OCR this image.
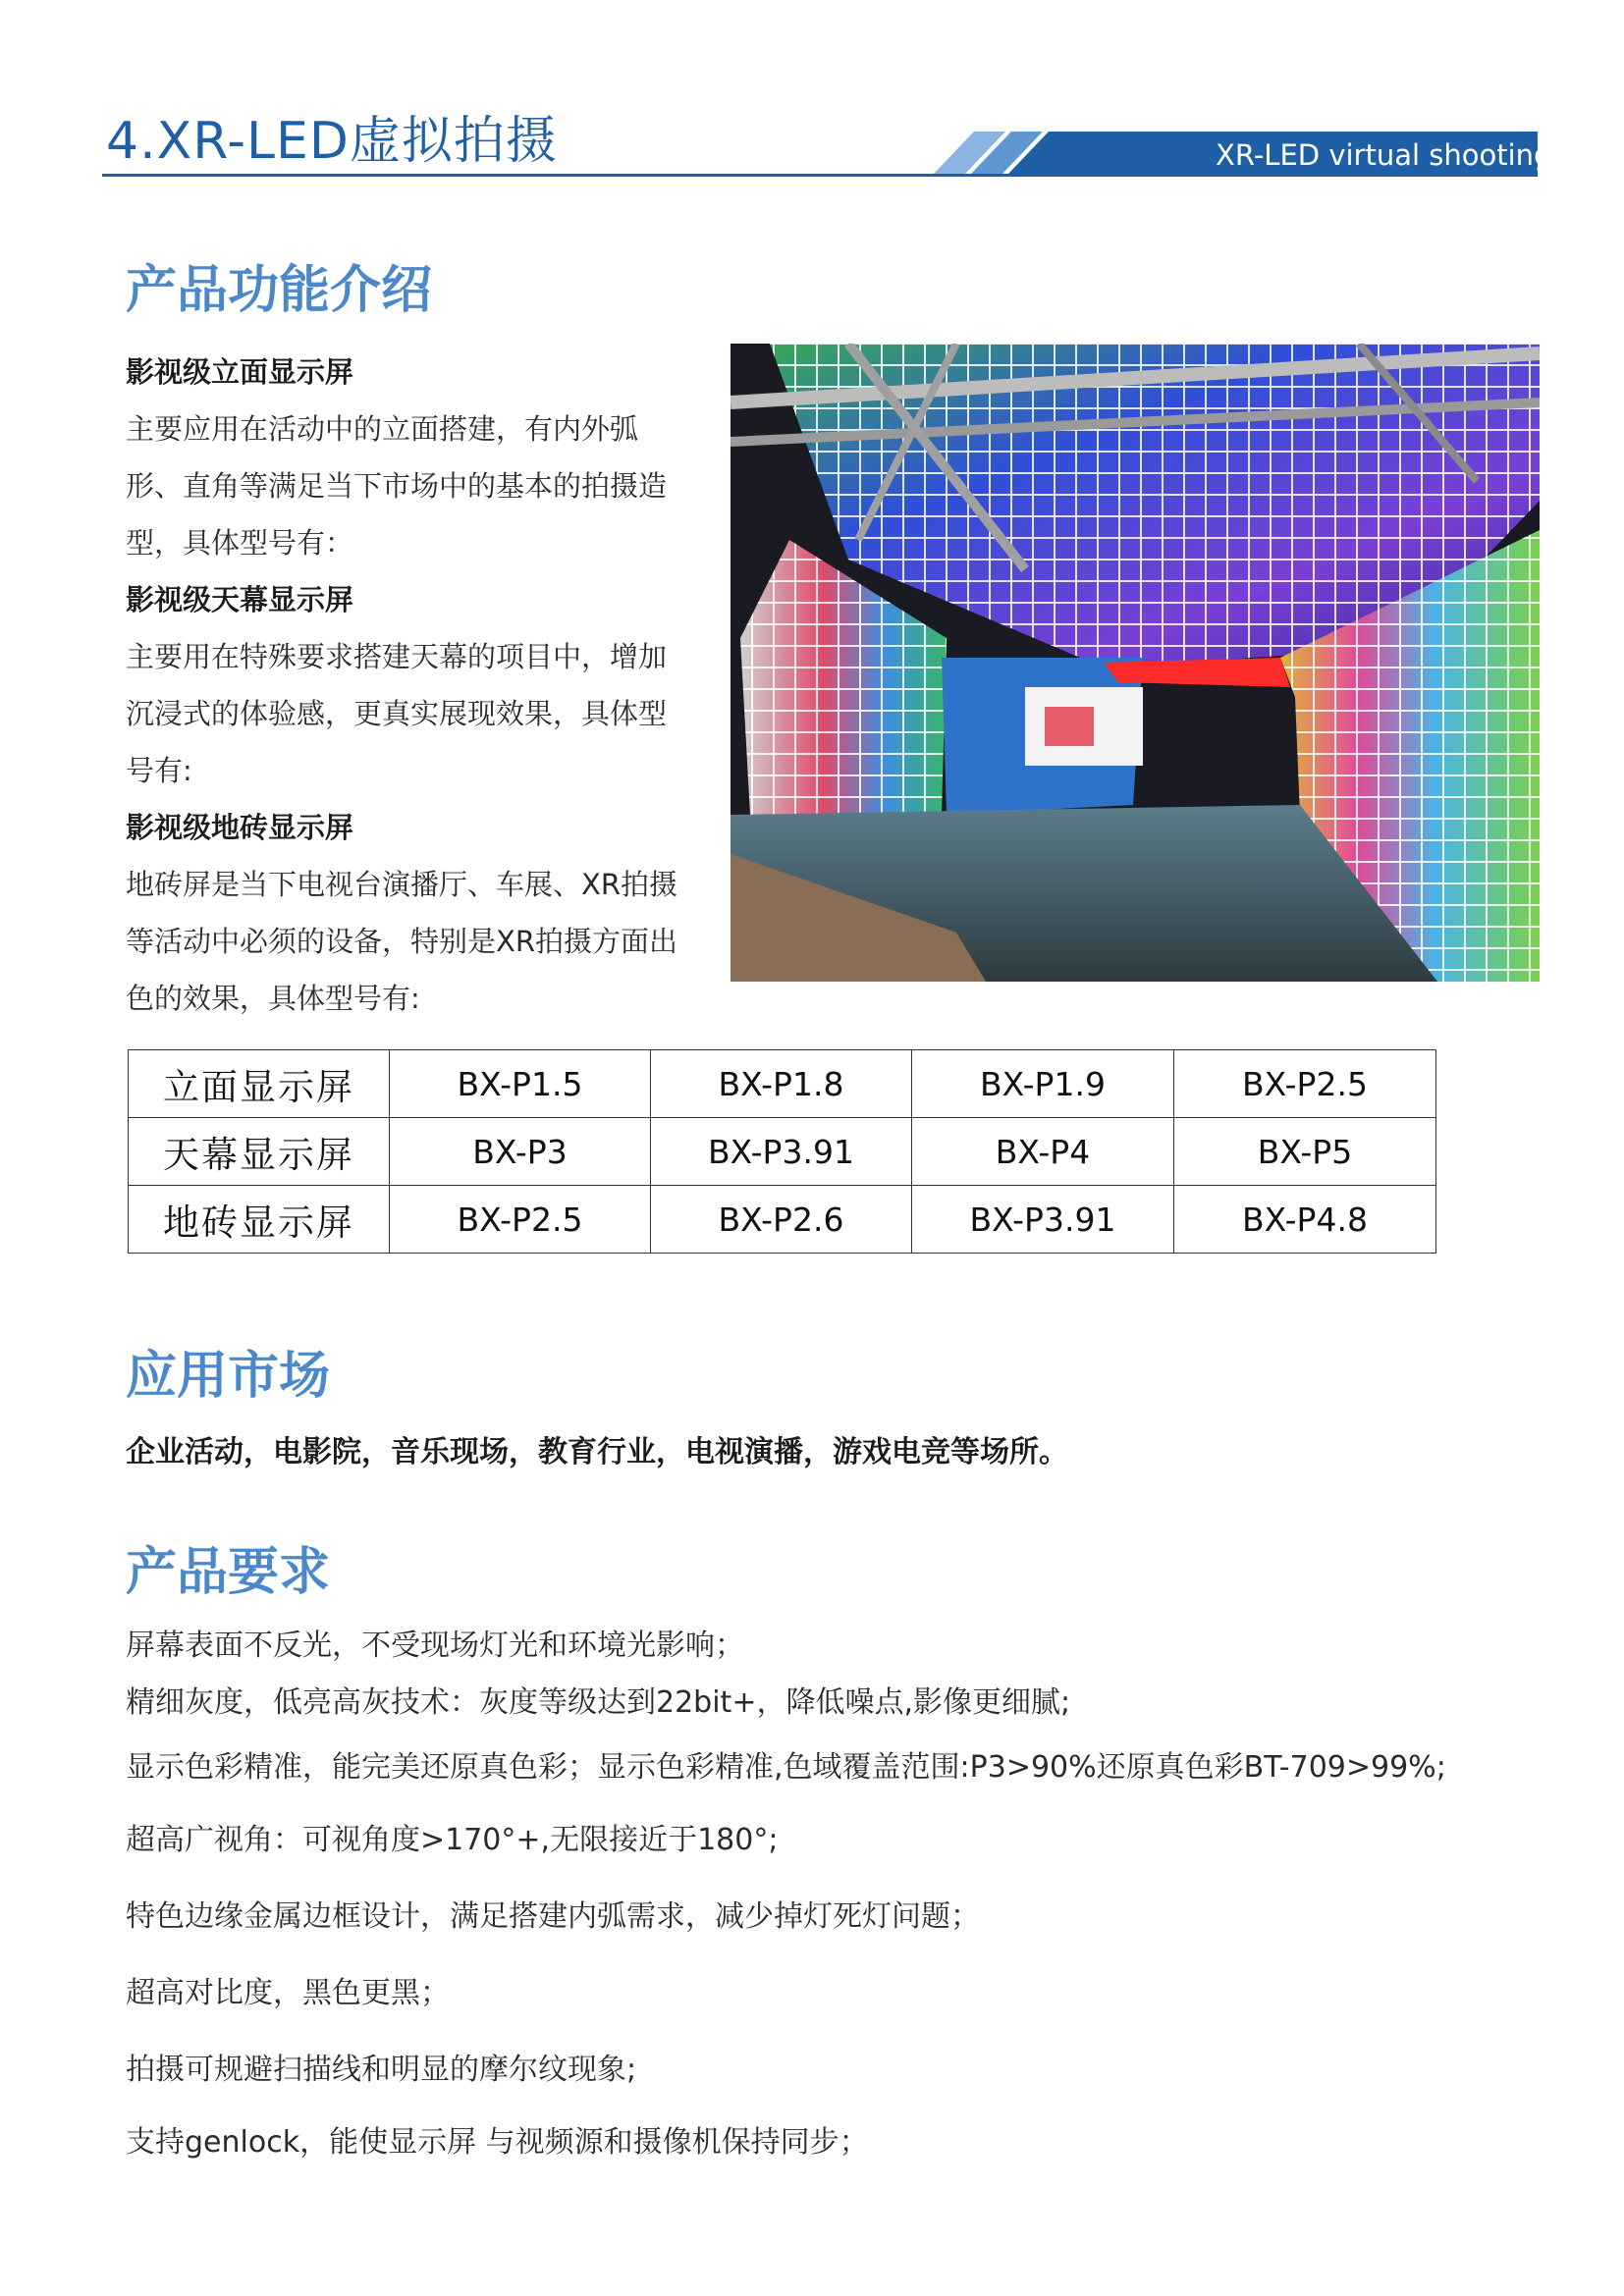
4.XR-LED虚拟拍摄	XR-LED virtual shooting
产品功能介绍

影视级立面显示屏

主要应用在活动中的立面搭建，有内外弧

形、直角等满足当下市场中的基本的拍摄造

型，具体型号有：

影视级天幕显示屏

主要用在特殊要求搭建天幕的项目中，增加

沉浸式的体验感，更真实展现效果，具体型

号有:

影视级地砖显示屏

地砖屏是当下电视台演播厅、车展、XR拍摄

等活动中必须的设备，特别是XR拍摄方面出

色的效果，具体型号有:

立面显示屏	BX-P1.5	BX-P1.8	BX-P1.9	BX-P2.5
天幕显示屏	BX-P3	BX-P3.91	BX-P4	BX-P5
地砖显示屏	BX-P2.5	BX-P2.6	BX-P3.91	BX-P4.8
应用市场

企业活动，电影院，音乐现场，教育行业，电视演播，游戏电竞等场所。

产品要求

屏幕表面不反光，不受现场灯光和环境光影响；

精细灰度，低亮高灰技术：灰度等级达到22bit+，降低噪点,影像更细腻;

显示色彩精准，能完美还原真色彩；显示色彩精准,色域覆盖范围:P3>90%还原真色彩BT-709>99%;

超高广视角：可视角度>170°+,无限接近于180°;

特色边缘金属边框设计，满足搭建内弧需求，减少掉灯死灯问题；

超高对比度，黑色更黑；

拍摄可规避扫描线和明显的摩尔纹现象;

支持genlock，能使显示屏 与视频源和摄像机保持同步；
